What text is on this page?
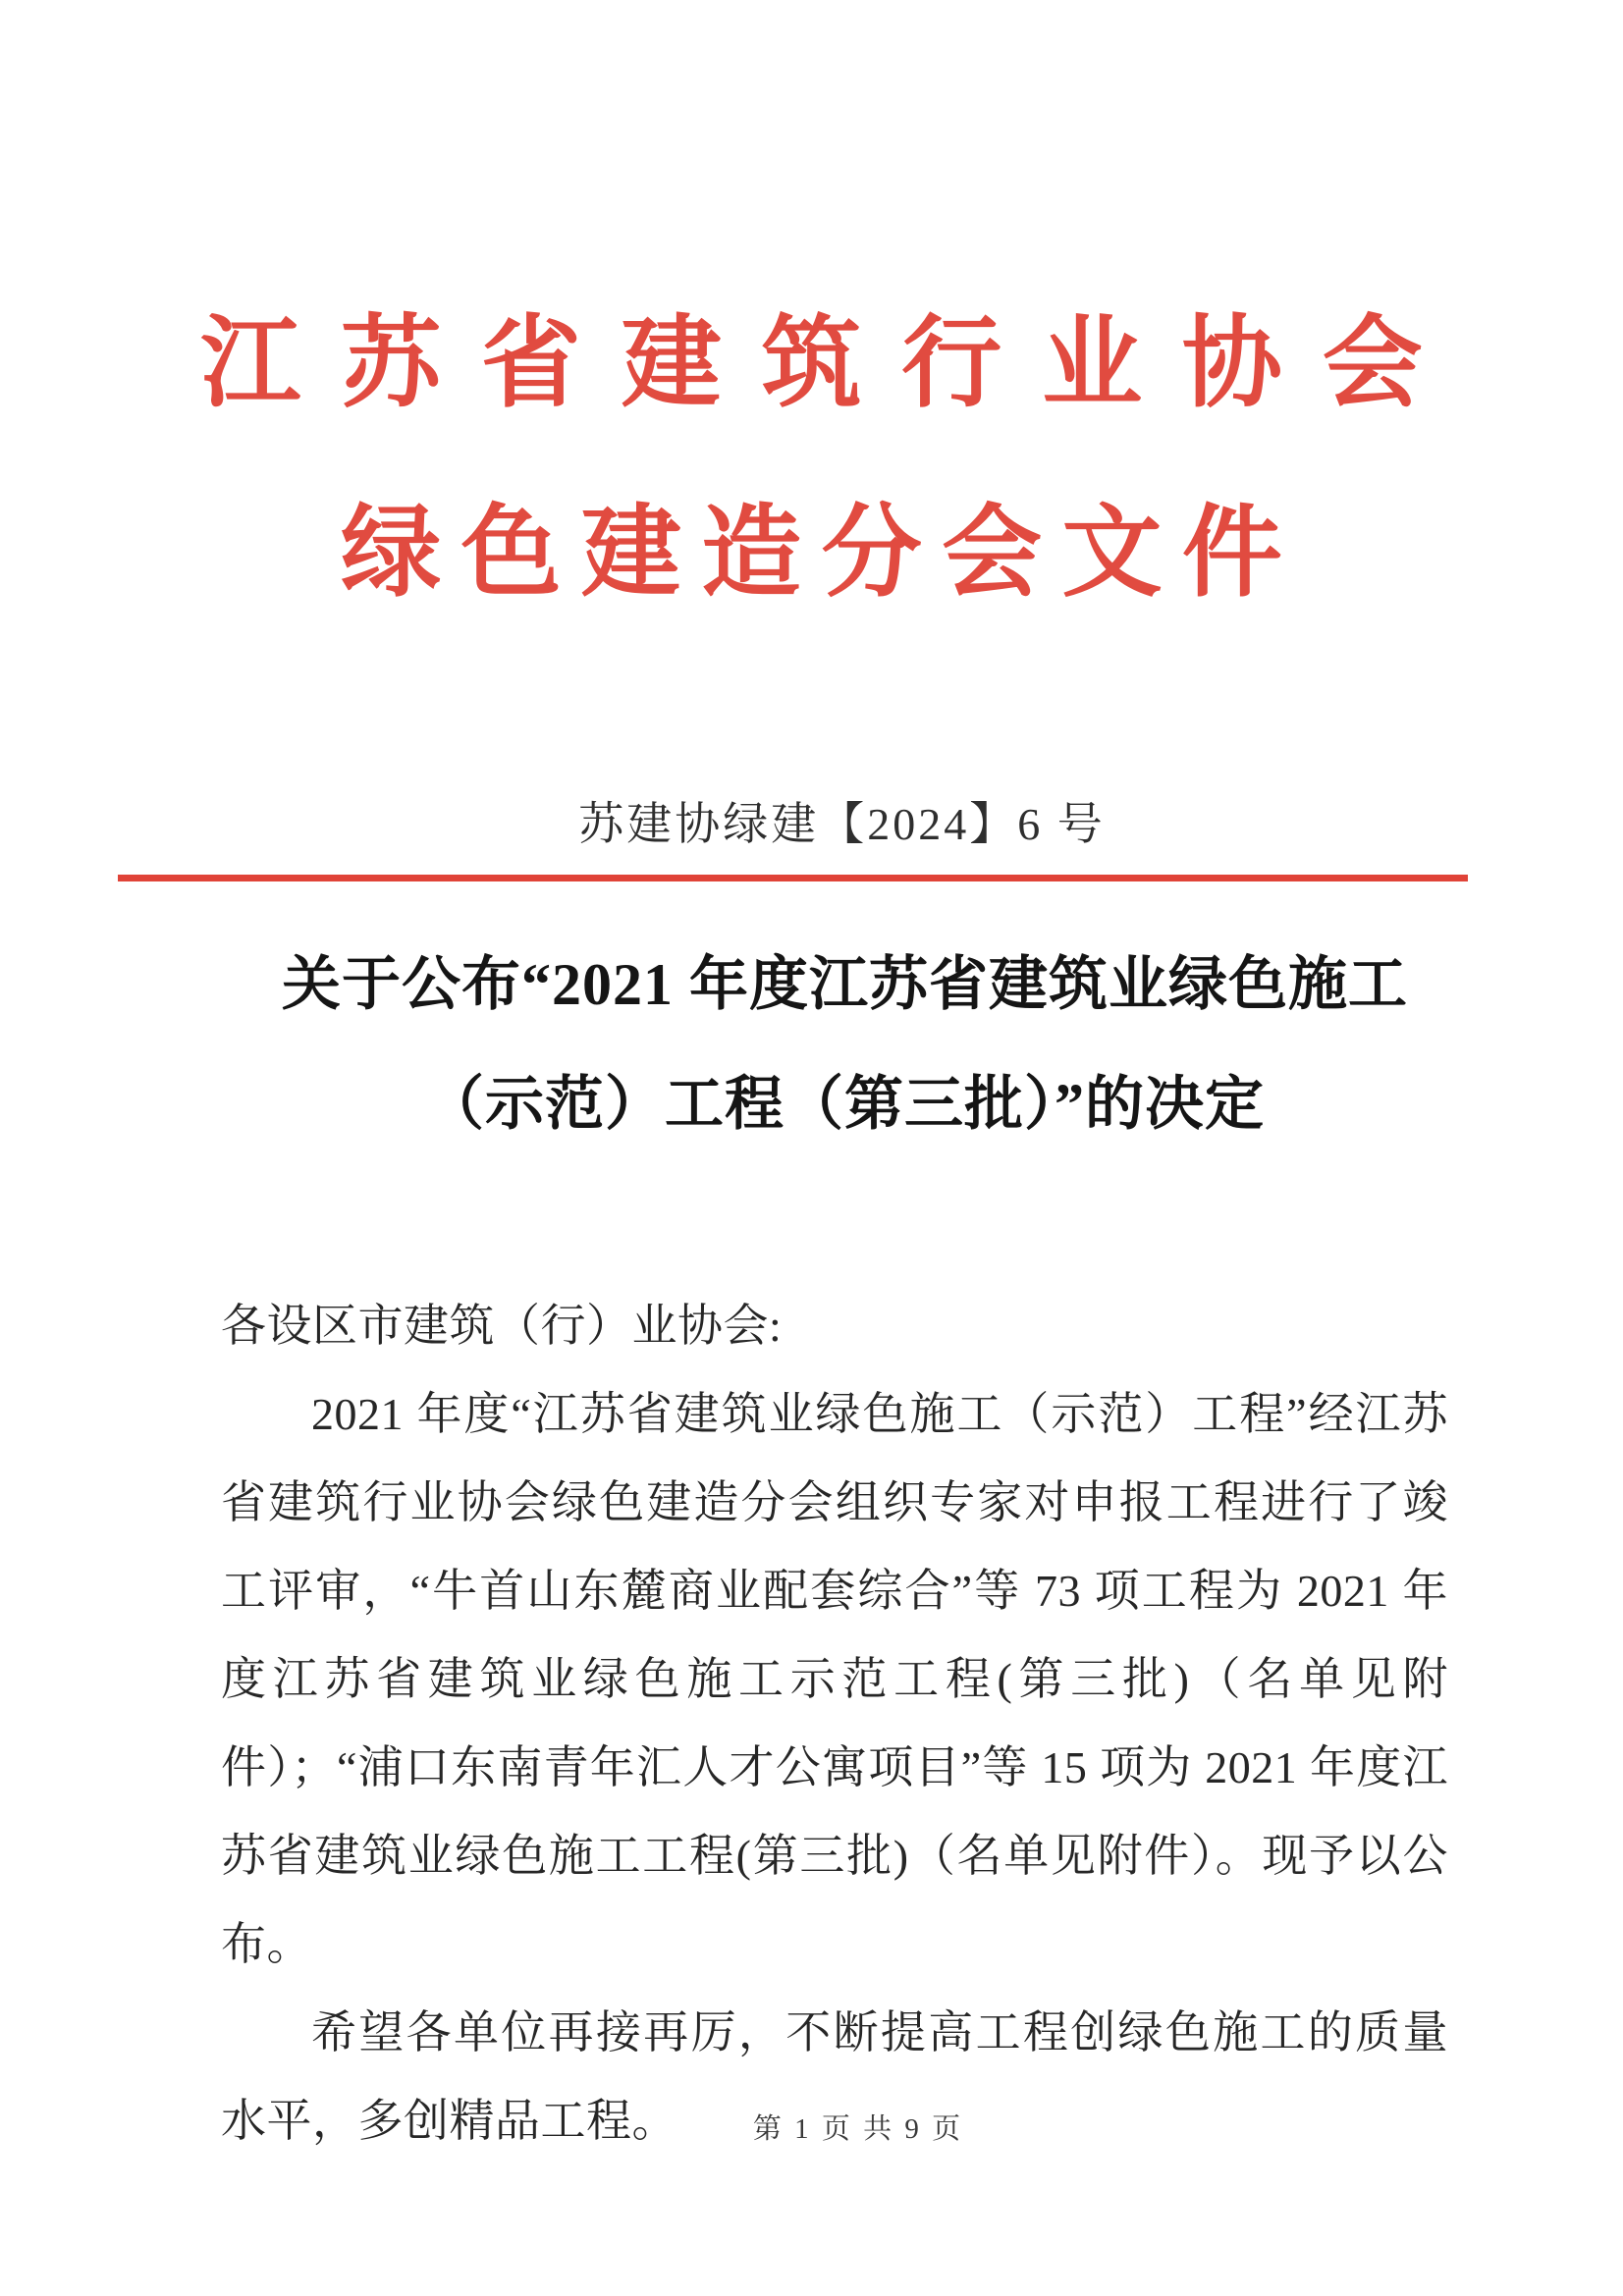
江苏省建筑行业协会
绿色建造分会文件
苏建协绿建【2024】6 号
关于公布“2021 年度江苏省建筑业绿色施工
（示范）工程（第三批）”的决定

各设区市建筑（行）业协会:

2021 年度“江苏省建筑业绿色施工（示范）工程”经江苏省建筑行业协会绿色建造分会组织专家对申报工程进行了竣工评审，“牛首山东麓商业配套综合”等 73 项工程为 2021 年度江苏省建筑业绿色施工示范工程(第三批)（名单见附件）；“浦口东南青年汇人才公寓项目”等 15 项为 2021 年度江苏省建筑业绿色施工工程(第三批)（名单见附件）。现予以公布。

希望各单位再接再厉，不断提高工程创绿色施工的质量水平，多创精品工程。	第 1 页 共 9 页
